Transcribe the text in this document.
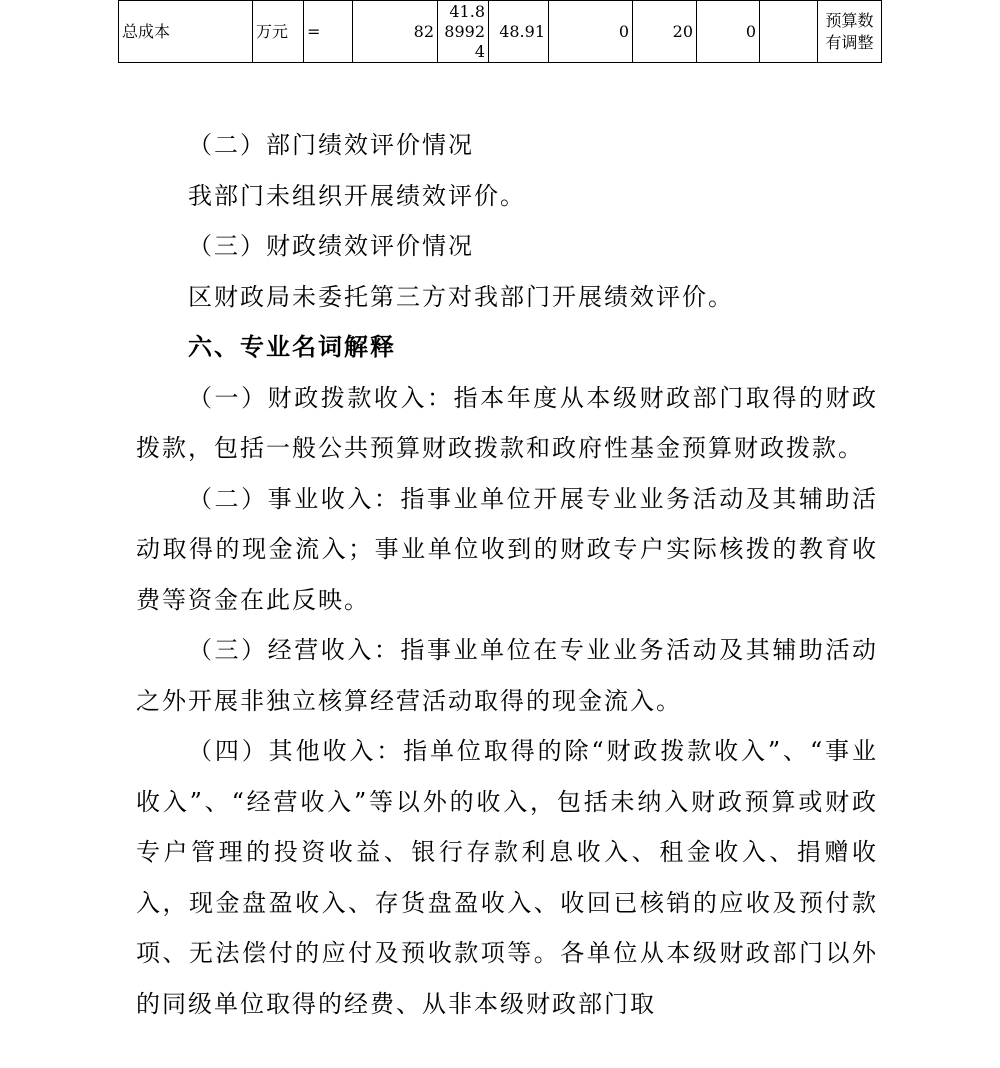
总成本	万元	=	82	41.889924	48.91	0	20	0		预算数有调整

（二）部门绩效评价情况

我部门未组织开展绩效评价。

（三）财政绩效评价情况

区财政局未委托第三方对我部门开展绩效评价。

六、专业名词解释

（一）财政拨款收入：指本年度从本级财政部门取得的财政拨款，包括一般公共预算财政拨款和政府性基金预算财政拨款。

（二）事业收入：指事业单位开展专业业务活动及其辅助活动取得的现金流入；事业单位收到的财政专户实际核拨的教育收费等资金在此反映。

（三）经营收入：指事业单位在专业业务活动及其辅助活动之外开展非独立核算经营活动取得的现金流入。

（四）其他收入：指单位取得的除“财政拨款收入”、“事业收入”、“经营收入”等以外的收入，包括未纳入财政预算或财政专户管理的投资收益、银行存款利息收入、租金收入、捐赠收入，现金盘盈收入、存货盘盈收入、收回已核销的应收及预付款项、无法偿付的应付及预收款项等。各单位从本级财政部门以外的同级单位取得的经费、从非本级财政部门取
